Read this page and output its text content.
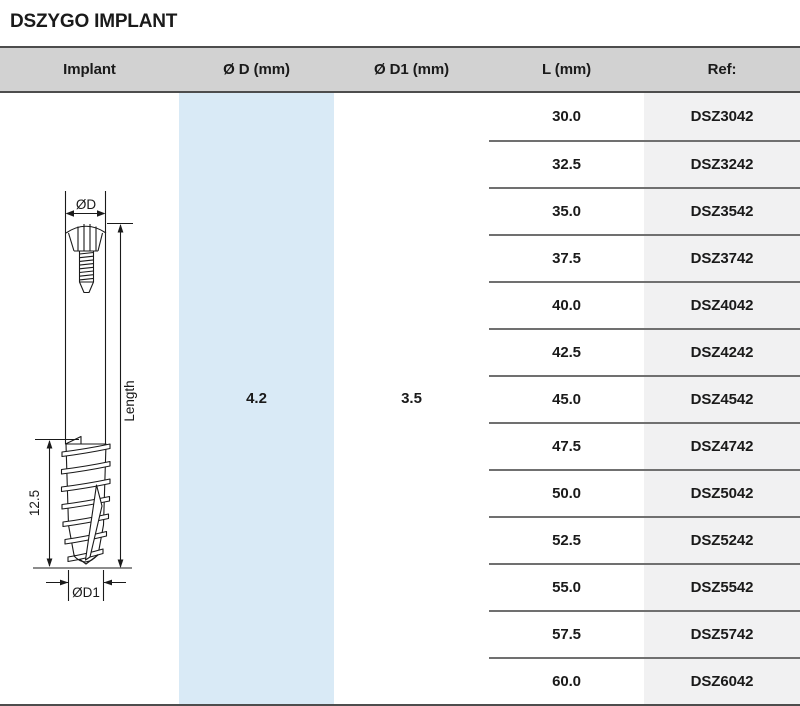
DSZYGO IMPLANT
Implant	Ø D (mm)	Ø D1 (mm)	L (mm)	Ref:
ØD
Length
12.5
ØD1
4.2	3.5
30.0	DSZ3042
32.5	DSZ3242
35.0	DSZ3542
37.5	DSZ3742
40.0	DSZ4042
42.5	DSZ4242
45.0	DSZ4542
47.5	DSZ4742
50.0	DSZ5042
52.5	DSZ5242
55.0	DSZ5542
57.5	DSZ5742
60.0	DSZ6042
